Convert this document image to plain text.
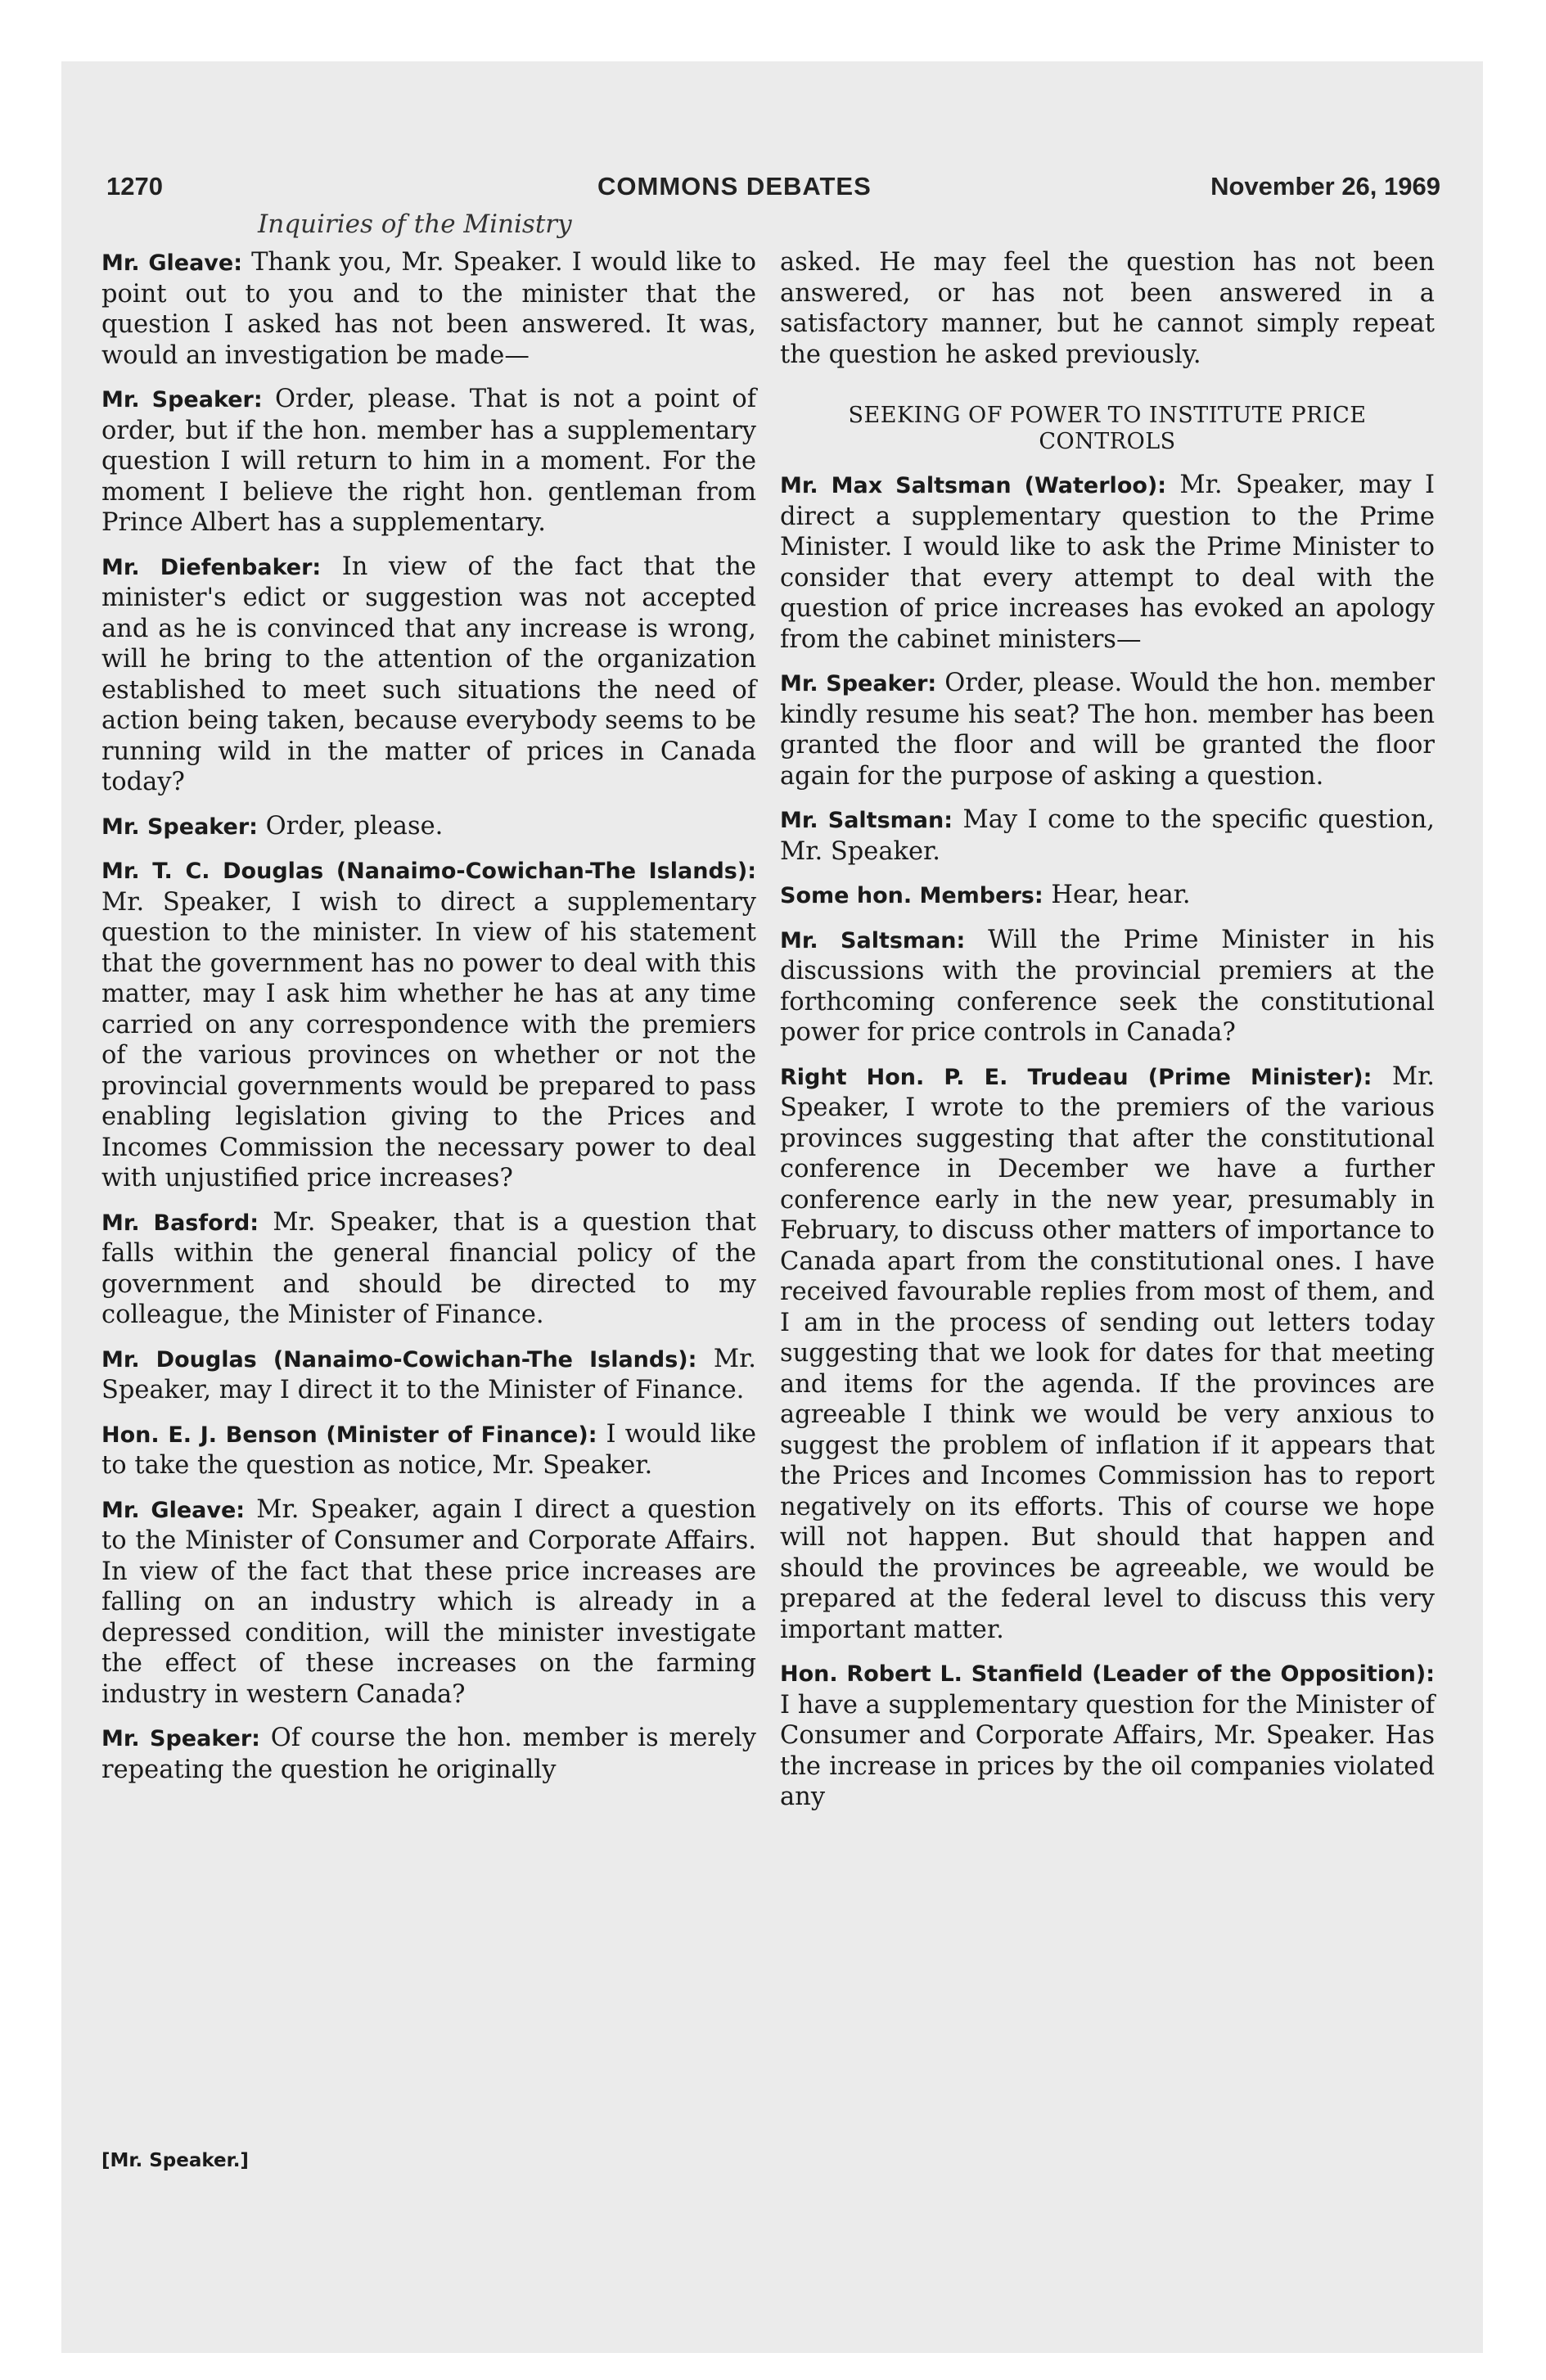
1270	COMMONS DEBATES	November 26, 1969
Inquiries of the Ministry

Mr. Gleave: Thank you, Mr. Speaker. I would like to point out to you and to the minister that the question I asked has not been answered. It was, would an investigation be made—

Mr. Speaker: Order, please. That is not a point of order, but if the hon. member has a supplementary question I will return to him in a moment. For the moment I believe the right hon. gentleman from Prince Albert has a supplementary.

Mr. Diefenbaker: In view of the fact that the minister's edict or suggestion was not accepted and as he is convinced that any increase is wrong, will he bring to the attention of the organization established to meet such situations the need of action being taken, because everybody seems to be running wild in the matter of prices in Canada today?

Mr. Speaker: Order, please.

Mr. T. C. Douglas (Nanaimo-Cowichan-The Islands): Mr. Speaker, I wish to direct a supplementary question to the minister. In view of his statement that the government has no power to deal with this matter, may I ask him whether he has at any time carried on any correspondence with the premiers of the various provinces on whether or not the provincial governments would be prepared to pass enabling legislation giving to the Prices and Incomes Commission the necessary power to deal with unjustified price increases?

Mr. Basford: Mr. Speaker, that is a question that falls within the general financial policy of the government and should be directed to my colleague, the Minister of Finance.

Mr. Douglas (Nanaimo-Cowichan-The Islands): Mr. Speaker, may I direct it to the Minister of Finance.

Hon. E. J. Benson (Minister of Finance): I would like to take the question as notice, Mr. Speaker.

Mr. Gleave: Mr. Speaker, again I direct a question to the Minister of Consumer and Corporate Affairs. In view of the fact that these price increases are falling on an industry which is already in a depressed condition, will the minister investigate the effect of these increases on the farming industry in western Canada?

Mr. Speaker: Of course the hon. member is merely repeating the question he originally

[Mr. Speaker.]

asked. He may feel the question has not been answered, or has not been answered in a satisfactory manner, but he cannot simply repeat the question he asked previously.

SEEKING OF POWER TO INSTITUTE PRICE CONTROLS

Mr. Max Saltsman (Waterloo): Mr. Speaker, may I direct a supplementary question to the Prime Minister. I would like to ask the Prime Minister to consider that every attempt to deal with the question of price increases has evoked an apology from the cabinet ministers—

Mr. Speaker: Order, please. Would the hon. member kindly resume his seat? The hon. member has been granted the floor and will be granted the floor again for the purpose of asking a question.

Mr. Saltsman: May I come to the specific question, Mr. Speaker.

Some hon. Members: Hear, hear.

Mr. Saltsman: Will the Prime Minister in his discussions with the provincial premiers at the forthcoming conference seek the constitutional power for price controls in Canada?

Right Hon. P. E. Trudeau (Prime Minister): Mr. Speaker, I wrote to the premiers of the various provinces suggesting that after the constitutional conference in December we have a further conference early in the new year, presumably in February, to discuss other matters of importance to Canada apart from the constitutional ones. I have received favourable replies from most of them, and I am in the process of sending out letters today suggesting that we look for dates for that meeting and items for the agenda. If the provinces are agreeable I think we would be very anxious to suggest the problem of inflation if it appears that the Prices and Incomes Commission has to report negatively on its efforts. This of course we hope will not happen. But should that happen and should the provinces be agreeable, we would be prepared at the federal level to discuss this very important matter.

Hon. Robert L. Stanfield (Leader of the Opposition): I have a supplementary question for the Minister of Consumer and Corporate Affairs, Mr. Speaker. Has the increase in prices by the oil companies violated any
